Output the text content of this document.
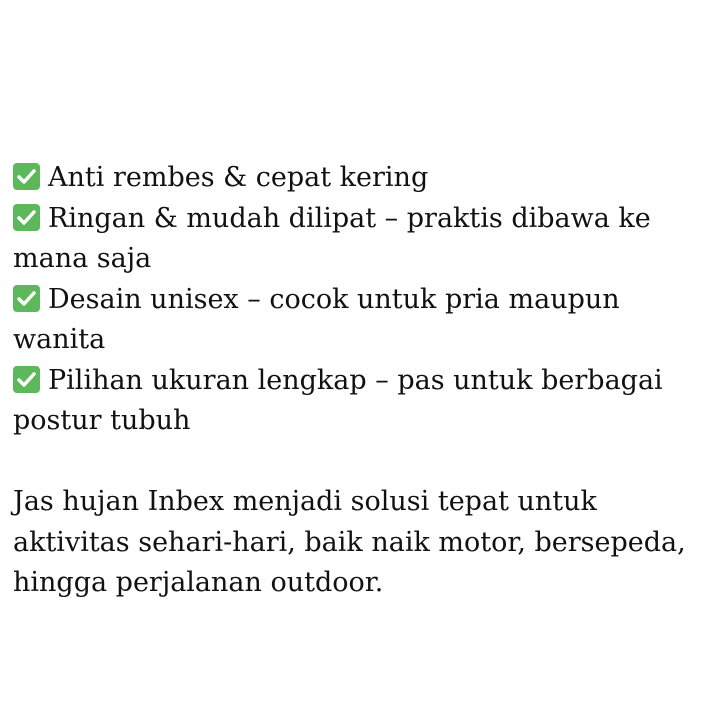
Anti rembes & cepat kering
Ringan & mudah dilipat – praktis dibawa ke mana saja
Desain unisex – cocok untuk pria maupun wanita
Pilihan ukuran lengkap – pas untuk berbagai postur tubuh

Jas hujan Inbex menjadi solusi tepat untuk aktivitas sehari-hari, baik naik motor, bersepeda, hingga perjalanan outdoor.
